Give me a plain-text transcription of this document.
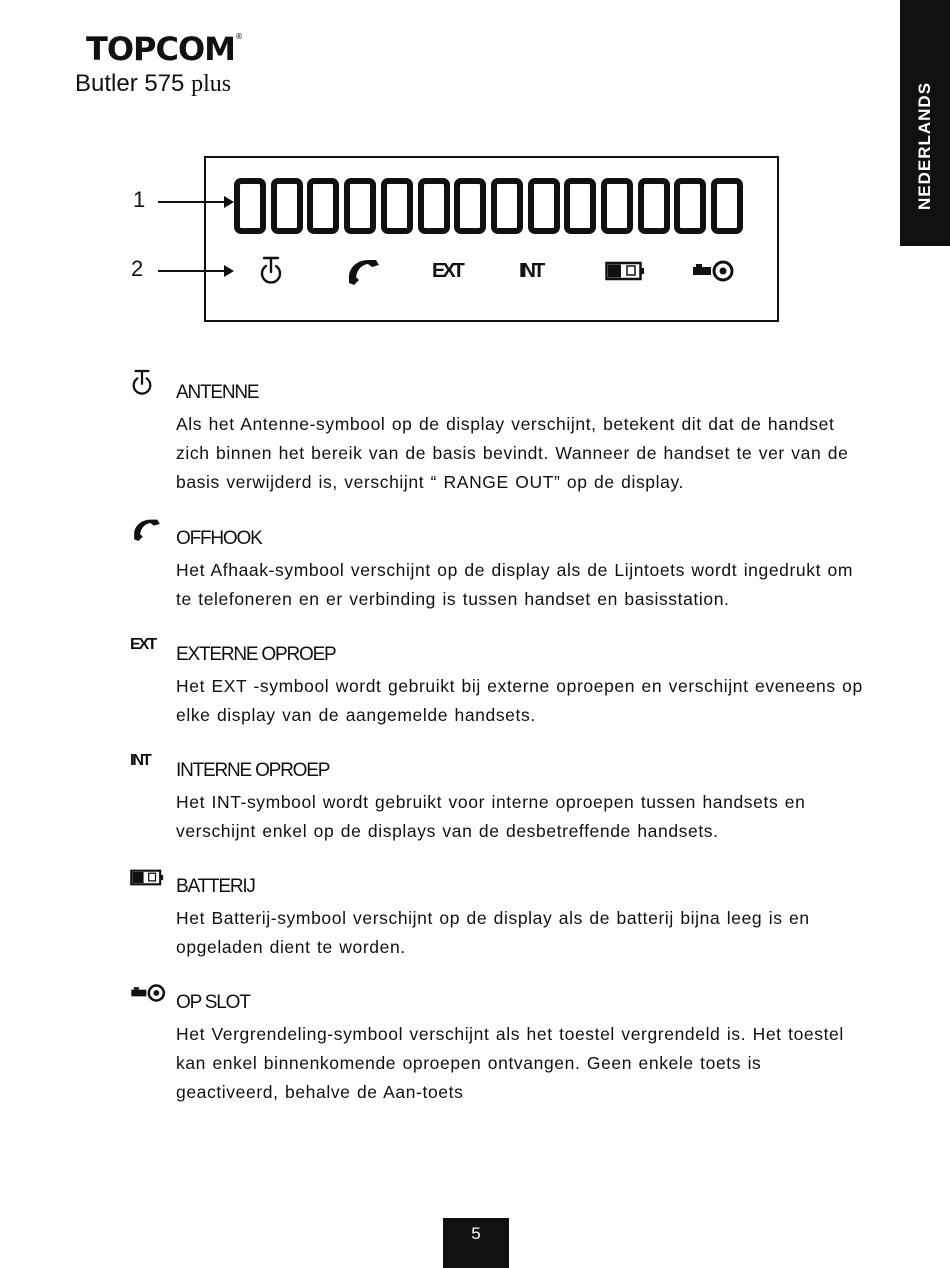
TOPCOM®
Butler 575 plus	NEDERLANDS
1
2	EXT	INT
ANTENNE

Als het Antenne-symbool op de display verschijnt, betekent dit dat de handset zich binnen het bereik van de basis bevindt. Wanneer de handset te ver van de basis verwijderd is, verschijnt “ RANGE OUT” op de display.

OFFHOOK

Het Afhaak-symbool verschijnt op de display als de Lijntoets wordt ingedrukt om te telefoneren en er verbinding is tussen handset en basisstation.

EXT EXTERNE OPROEP

Het EXT -symbool wordt gebruikt bij externe oproepen en verschijnt eveneens op elke display van de aangemelde handsets.

INT INTERNE OPROEP

Het INT-symbool wordt gebruikt voor interne oproepen tussen handsets en verschijnt enkel op de displays van de desbetreffende handsets.

BATTERIJ

Het Batterij-symbool verschijnt op de display als de batterij bijna leeg is en opgeladen dient te worden.

OP SLOT

Het Vergrendeling-symbool verschijnt als het toestel vergrendeld is. Het toestel kan enkel binnenkomende oproepen ontvangen. Geen enkele toets is geactiveerd, behalve de Aan-toets

5
